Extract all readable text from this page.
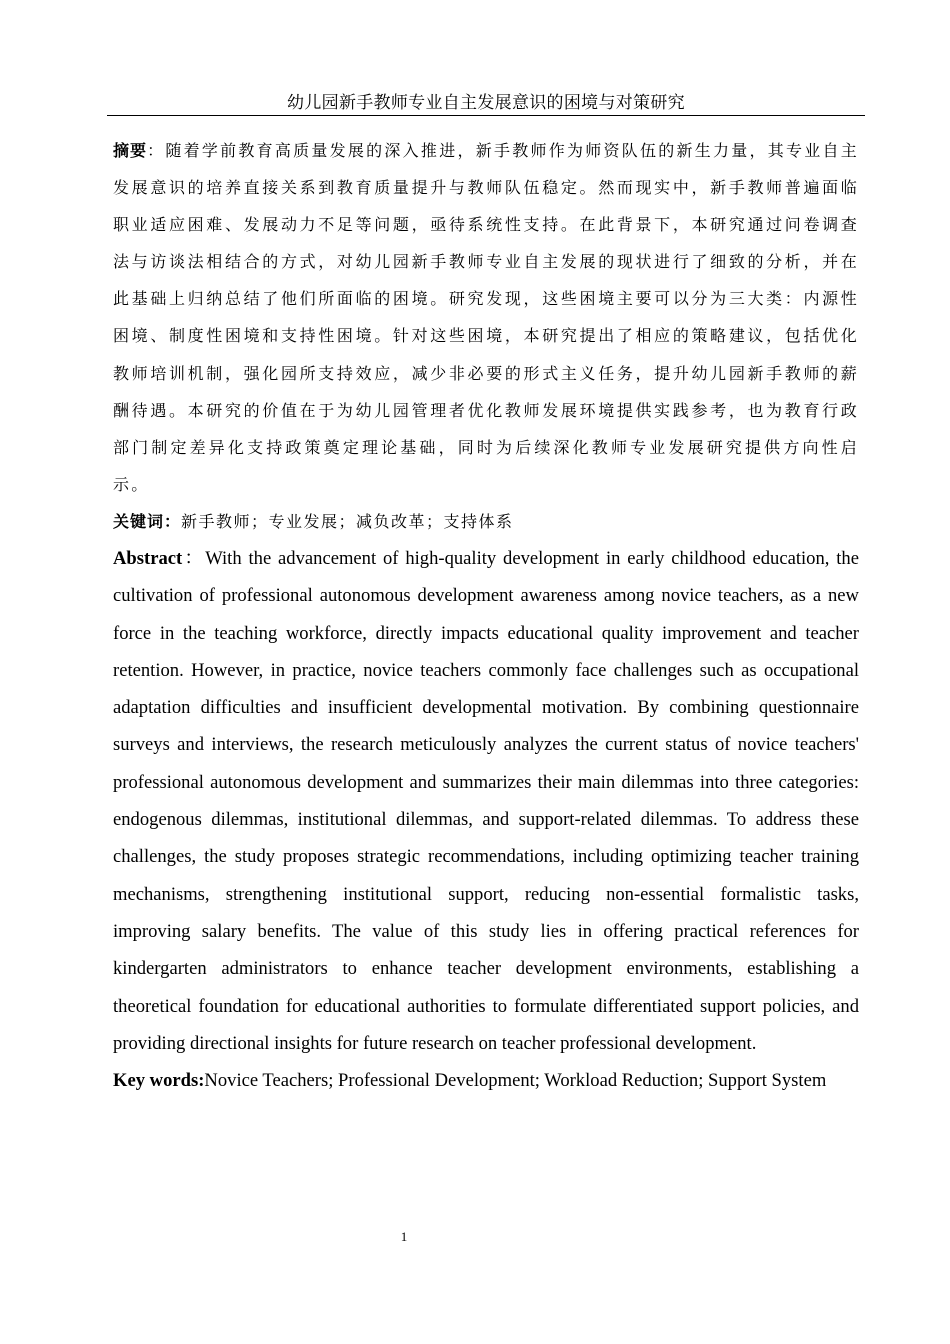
幼儿园新手教师专业自主发展意识的困境与对策研究

摘要：随着学前教育高质量发展的深入推进，新手教师作为师资队伍的新生力量，其专业自主发展意识的培养直接关系到教育质量提升与教师队伍稳定。然而现实中，新手教师普遍面临职业适应困难、发展动力不足等问题，亟待系统性支持。在此背景下，本研究通过问卷调查法与访谈法相结合的方式，对幼儿园新手教师专业自主发展的现状进行了细致的分析，并在此基础上归纳总结了他们所面临的困境。研究发现，这些困境主要可以分为三大类：内源性困境、制度性困境和支持性困境。针对这些困境，本研究提出了相应的策略建议，包括优化教师培训机制，强化园所支持效应，减少非必要的形式主义任务，提升幼儿园新手教师的薪酬待遇。本研究的价值在于为幼儿园管理者优化教师发展环境提供实践参考，也为教育行政部门制定差异化支持政策奠定理论基础，同时为后续深化教师专业发展研究提供方向性启示。

关键词：新手教师；专业发展；减负改革；支持体系

Abstract：With the advancement of high-quality development in early childhood education, the cultivation of professional autonomous development awareness among novice teachers, as a new force in the teaching workforce, directly impacts educational quality improvement and teacher retention. However, in practice, novice teachers commonly face challenges such as occupational adaptation difficulties and insufficient developmental motivation. By combining questionnaire surveys and interviews, the research meticulously analyzes the current status of novice teachers' professional autonomous development and summarizes their main dilemmas into three categories: endogenous dilemmas, institutional dilemmas, and support-related dilemmas. To address these challenges, the study proposes strategic recommendations, including optimizing teacher training mechanisms, strengthening institutional support, reducing non-essential formalistic tasks, improving salary benefits. The value of this study lies in offering practical references for kindergarten administrators to enhance teacher development environments, establishing a theoretical foundation for educational authorities to formulate differentiated support policies, and providing directional insights for future research on teacher professional development.

Key words:Novice Teachers; Professional Development; Workload Reduction; Support System

1
